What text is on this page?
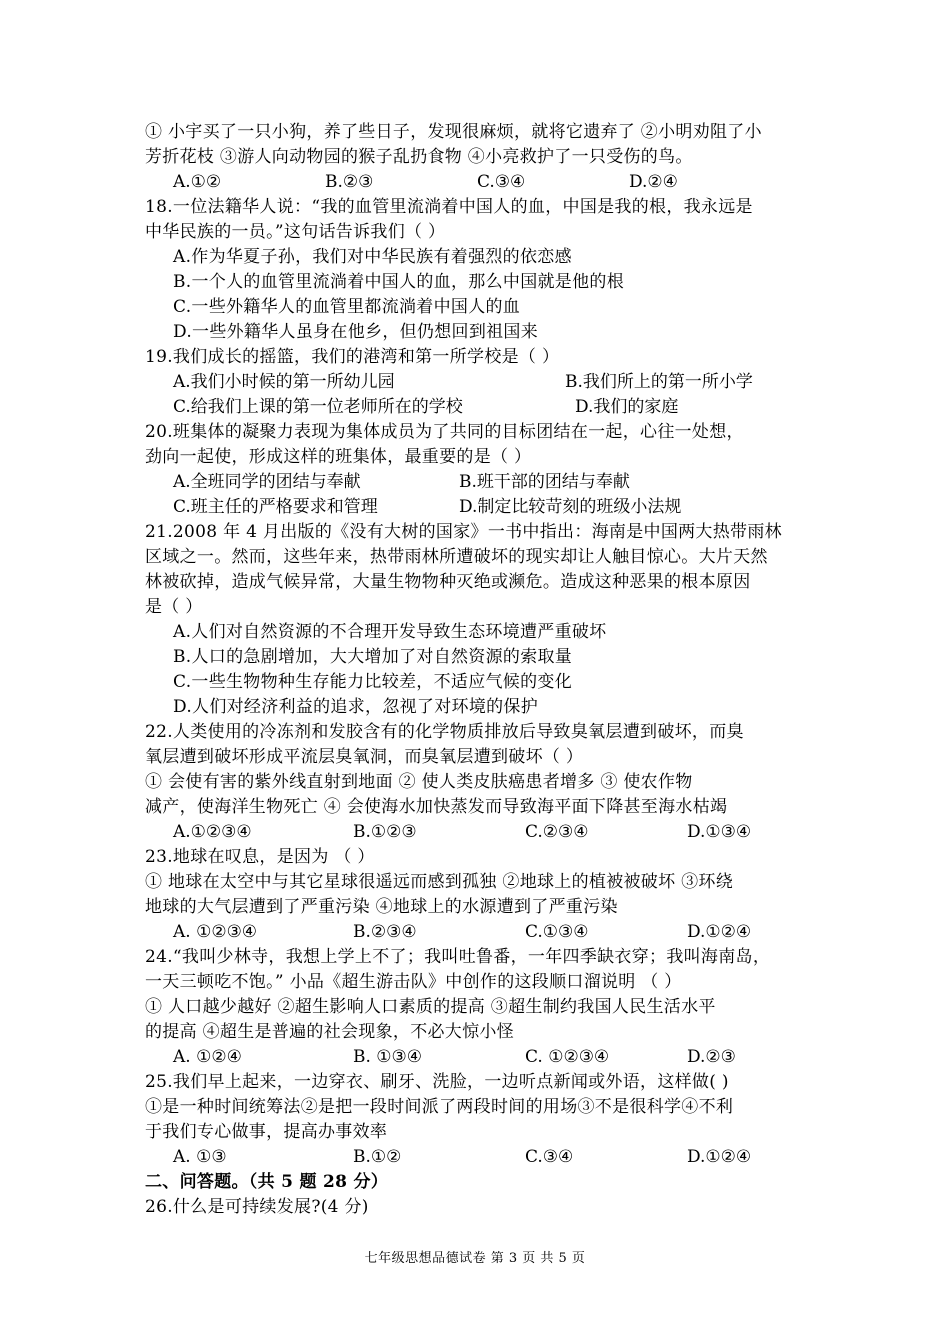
① 小宇买了一只小狗，养了些日子，发现很麻烦，就将它遗弃了 ②小明劝阻了小
芳折花枝 ③游人向动物园的猴子乱扔食物 ④小亮救护了一只受伤的鸟。
A.①②	B.②③	C.③④	D.②④
18.一位法籍华人说：“我的血管里流淌着中国人的血，中国是我的根，我永远是
中华民族的一员。”这句话告诉我们（ ）
A.作为华夏子孙，我们对中华民族有着强烈的依恋感
B.一个人的血管里流淌着中国人的血，那么中国就是他的根
C.一些外籍华人的血管里都流淌着中国人的血
D.一些外籍华人虽身在他乡，但仍想回到祖国来
19.我们成长的摇篮，我们的港湾和第一所学校是（ ）
A.我们小时候的第一所幼儿园	B.我们所上的第一所小学
C.给我们上课的第一位老师所在的学校	D.我们的家庭
20.班集体的凝聚力表现为集体成员为了共同的目标团结在一起，心往一处想，
劲向一起使，形成这样的班集体，最重要的是（ ）
A.全班同学的团结与奉献	B.班干部的团结与奉献
C.班主任的严格要求和管理	D.制定比较苛刻的班级小法规
21.2008 年 4 月出版的《没有大树的国家》一书中指出：海南是中国两大热带雨林
区域之一。然而，这些年来，热带雨林所遭破坏的现实却让人触目惊心。大片天然
林被砍掉，造成气候异常，大量生物物种灭绝或濒危。造成这种恶果的根本原因
是（ ）
A.人们对自然资源的不合理开发导致生态环境遭严重破坏
B.人口的急剧增加，大大增加了对自然资源的索取量
C.一些生物物种生存能力比较差，不适应气候的变化
D.人们对经济利益的追求，忽视了对环境的保护
22.人类使用的冷冻剂和发胶含有的化学物质排放后导致臭氧层遭到破坏，而臭
氧层遭到破坏形成平流层臭氧洞，而臭氧层遭到破坏（ ）
① 会使有害的紫外线直射到地面 ② 使人类皮肤癌患者增多 ③ 使农作物
减产，使海洋生物死亡 ④ 会使海水加快蒸发而导致海平面下降甚至海水枯竭
A.①②③④	B.①②③	C.②③④	D.①③④
23.地球在叹息，是因为 （ ）
① 地球在太空中与其它星球很遥远而感到孤独 ②地球上的植被被破坏 ③环绕
地球的大气层遭到了严重污染 ④地球上的水源遭到了严重污染
A. ①②③④	B.②③④	C.①③④	D.①②④
24.“我叫少林寺，我想上学上不了；我叫吐鲁番，一年四季缺衣穿；我叫海南岛，
一天三顿吃不饱。” 小品《超生游击队》中创作的这段顺口溜说明 （ ）
① 人口越少越好 ②超生影响人口素质的提高 ③超生制约我国人民生活水平
的提高 ④超生是普遍的社会现象，不必大惊小怪
A. ①②④	B. ①③④	C. ①②③④	D.②③
25.我们早上起来，一边穿衣、刷牙、洗脸，一边听点新闻或外语，这样做( )
①是一种时间统筹法②是把一段时间派了两段时间的用场③不是很科学④不利
于我们专心做事，提高办事效率
A. ①③	B.①②	C.③④	D.①②④
二、问答题。（共 5 题 28 分）
26.什么是可持续发展?(4 分)
七年级思想品德试卷 第 3 页 共 5 页
